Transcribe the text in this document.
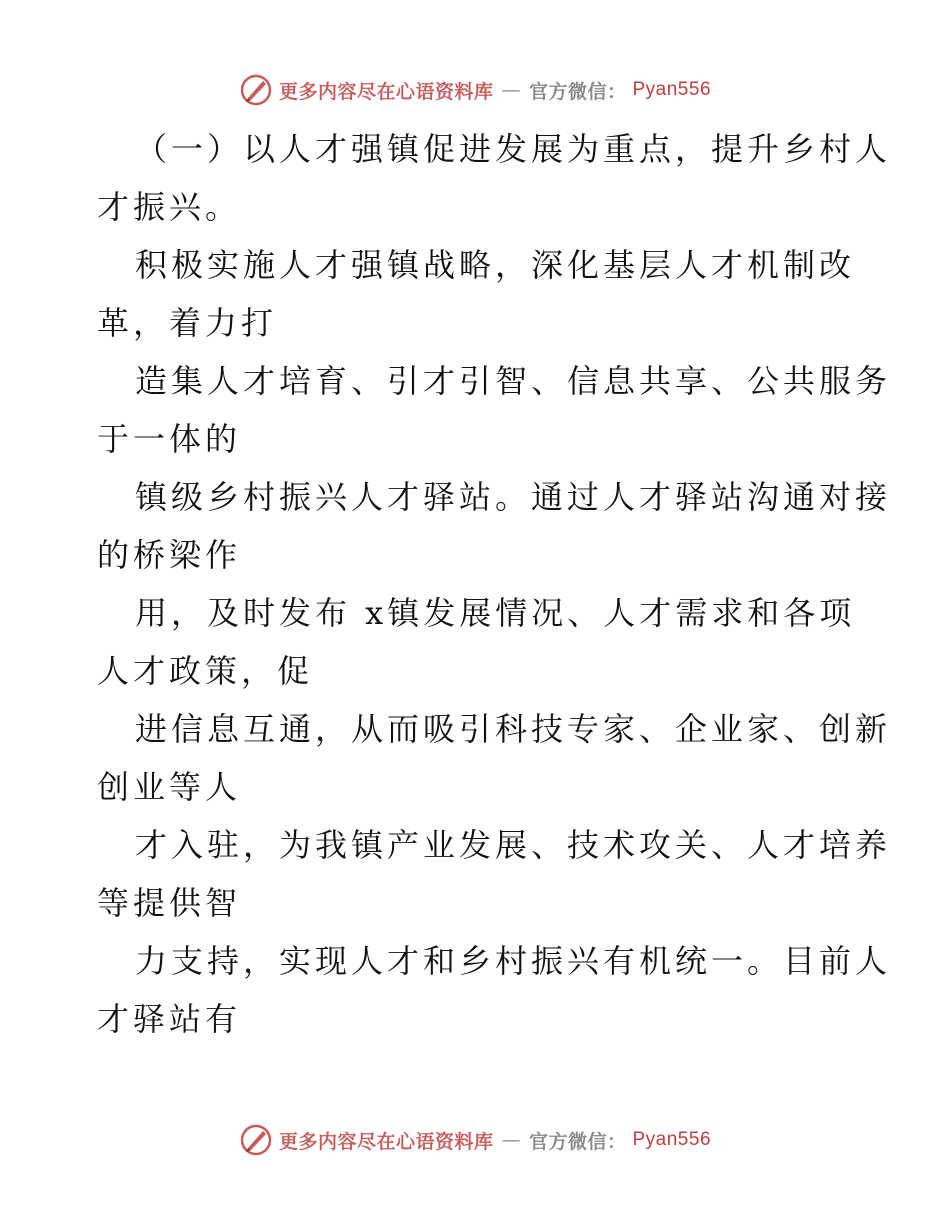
更多内容尽在心语资料库 — 官方微信： Pyan556
（一）以人才强镇促进发展为重点，提升乡村人
才振兴。
积极实施人才强镇战略，深化基层人才机制改
革，着力打
造集人才培育、引才引智、信息共享、公共服务
于一体的
镇级乡村振兴人才驿站。通过人才驿站沟通对接
的桥梁作
用，及时发布 x镇发展情况、人才需求和各项
人才政策，促
进信息互通，从而吸引科技专家、企业家、创新
创业等人
才入驻，为我镇产业发展、技术攻关、人才培养
等提供智
力支持，实现人才和乡村振兴有机统一。目前人
才驿站有
更多内容尽在心语资料库 — 官方微信： Pyan556
